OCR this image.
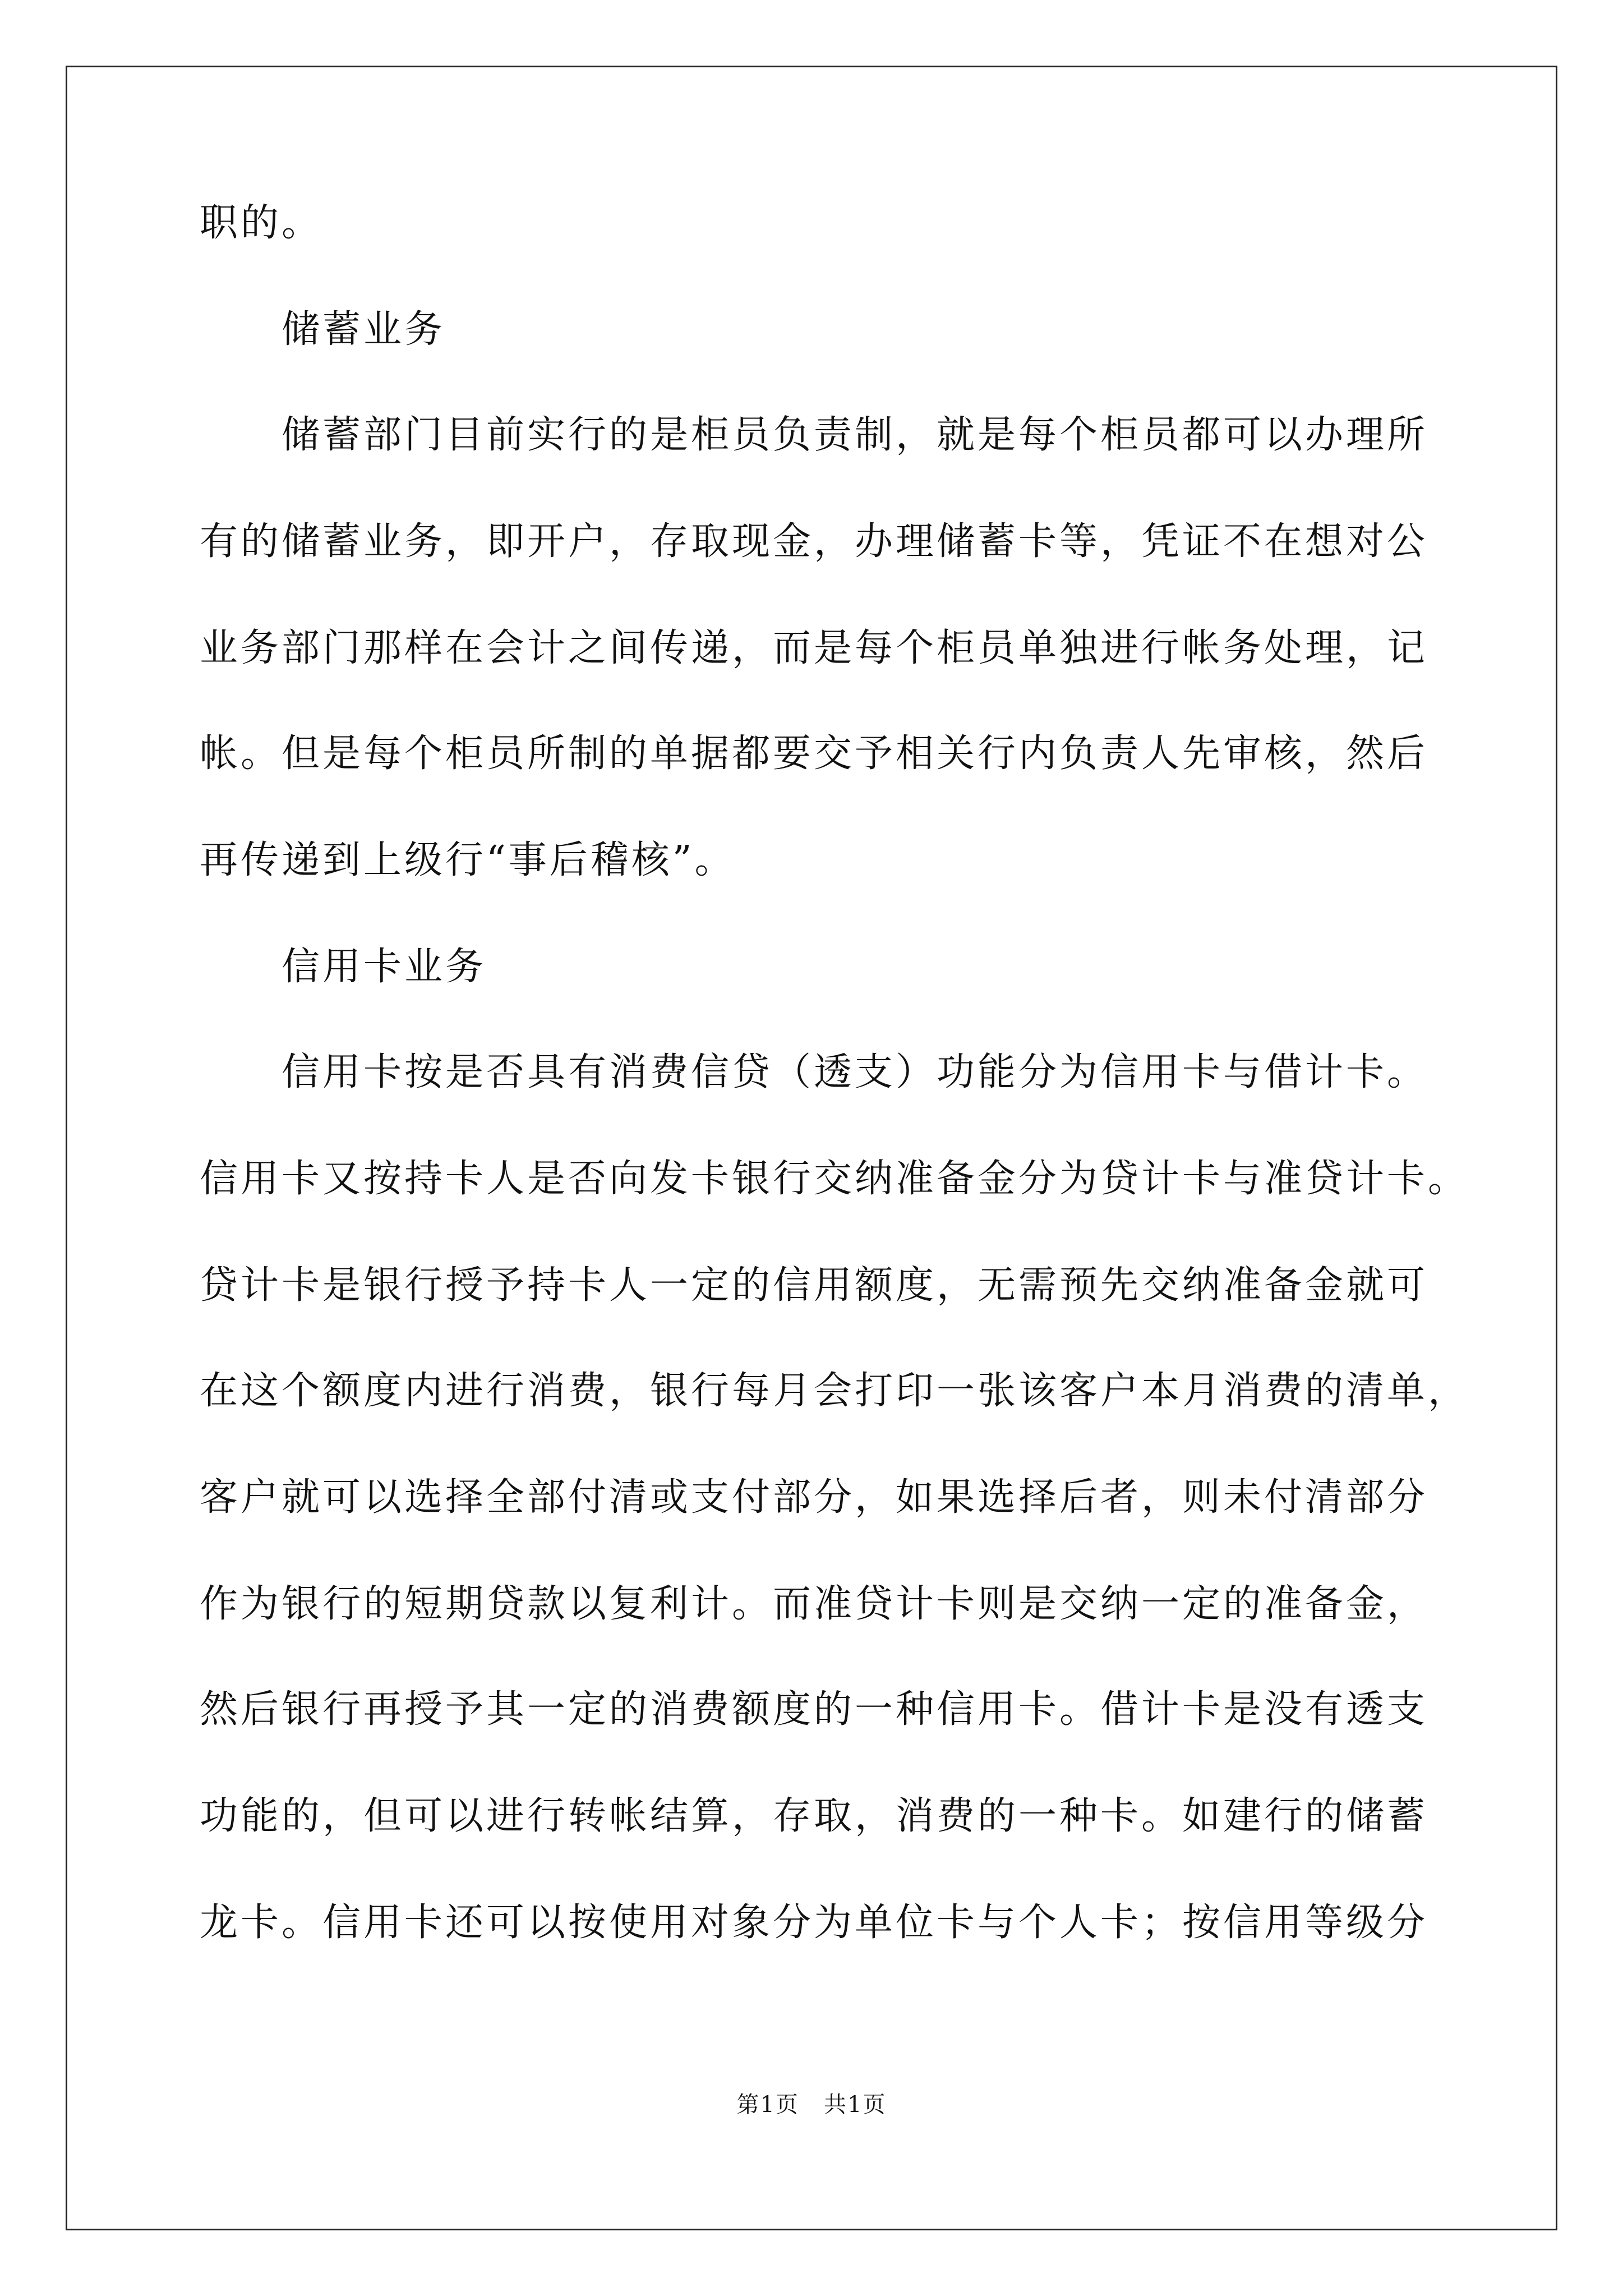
职的。

储蓄业务

储蓄部门目前实行的是柜员负责制，就是每个柜员都可以办理所

有的储蓄业务，即开户，存取现金，办理储蓄卡等，凭证不在想对公

业务部门那样在会计之间传递，而是每个柜员单独进行帐务处理，记

帐。但是每个柜员所制的单据都要交予相关行内负责人先审核，然后

再传递到上级行“事后稽核”。

信用卡业务

信用卡按是否具有消费信贷（透支）功能分为信用卡与借计卡。

信用卡又按持卡人是否向发卡银行交纳准备金分为贷计卡与准贷计卡。

贷计卡是银行授予持卡人一定的信用额度，无需预先交纳准备金就可

在这个额度内进行消费，银行每月会打印一张该客户本月消费的清单，

客户就可以选择全部付清或支付部分，如果选择后者，则未付清部分

作为银行的短期贷款以复利计。而准贷计卡则是交纳一定的准备金，

然后银行再授予其一定的消费额度的一种信用卡。借计卡是没有透支

功能的，但可以进行转帐结算，存取，消费的一种卡。如建行的储蓄

龙卡。信用卡还可以按使用对象分为单位卡与个人卡；按信用等级分

第1页   共1页
